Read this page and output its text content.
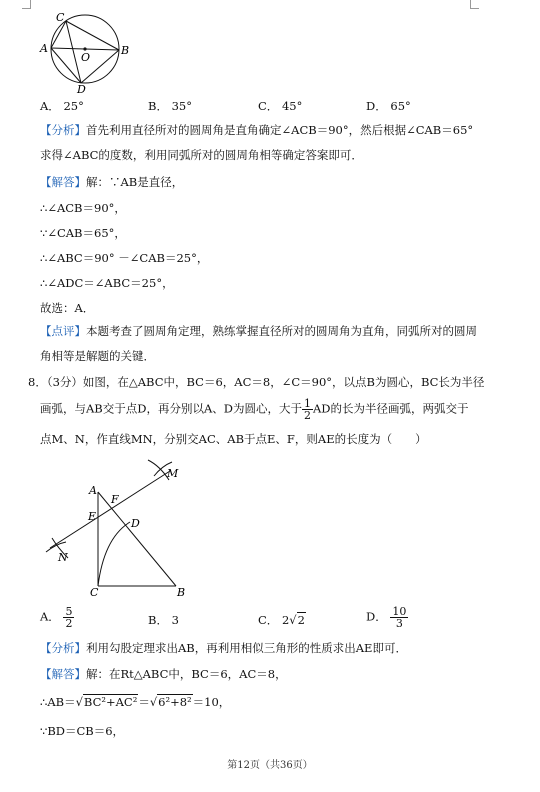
C
A
O
B
D
A． 25°	B． 35°	C． 45°	D． 65°
【分析】首先利用直径所对的圆周角是直角确定∠ACB＝90°，然后根据∠CAB＝65°
求得∠ABC的度数，利用同弧所对的圆周角相等确定答案即可．
【解答】解：∵AB是直径，
∴∠ACB＝90°，
∵∠CAB＝65°，
∴∠ABC＝90° －∠CAB＝25°，
∴∠ADC＝∠ABC＝25°，
故选：A．
【点评】本题考查了圆周角定理，熟练掌握直径所对的圆周角为直角，同弧所对的圆周
角相等是解题的关键．
8．（3分）如图，在△ABC中，BC＝6，AC＝8，∠C＝90°，以点B为圆心，BC长为半径
画弧，与AB交于点D，再分别以A、D为圆心，大于 $\frac{1}{2}$ AD的长为半径画弧，两弧交于
点M、N，作直线MN，分别交AC、AB于点E、F，则AE的长度为（　　）
A
F
M
E
D
N
C	B
A． $\frac{5}{2}$	B． 3	C． 2√2	D． $\frac{10}{3}$
【分析】利用勾股定理求出AB，再利用相似三角形的性质求出AE即可．
【解答】解：在Rt△ABC中，BC＝6，AC＝8，
∴AB＝√BC²+AC²＝√6²+8²＝10，
∵BD＝CB＝6，
第12页（共36页）
